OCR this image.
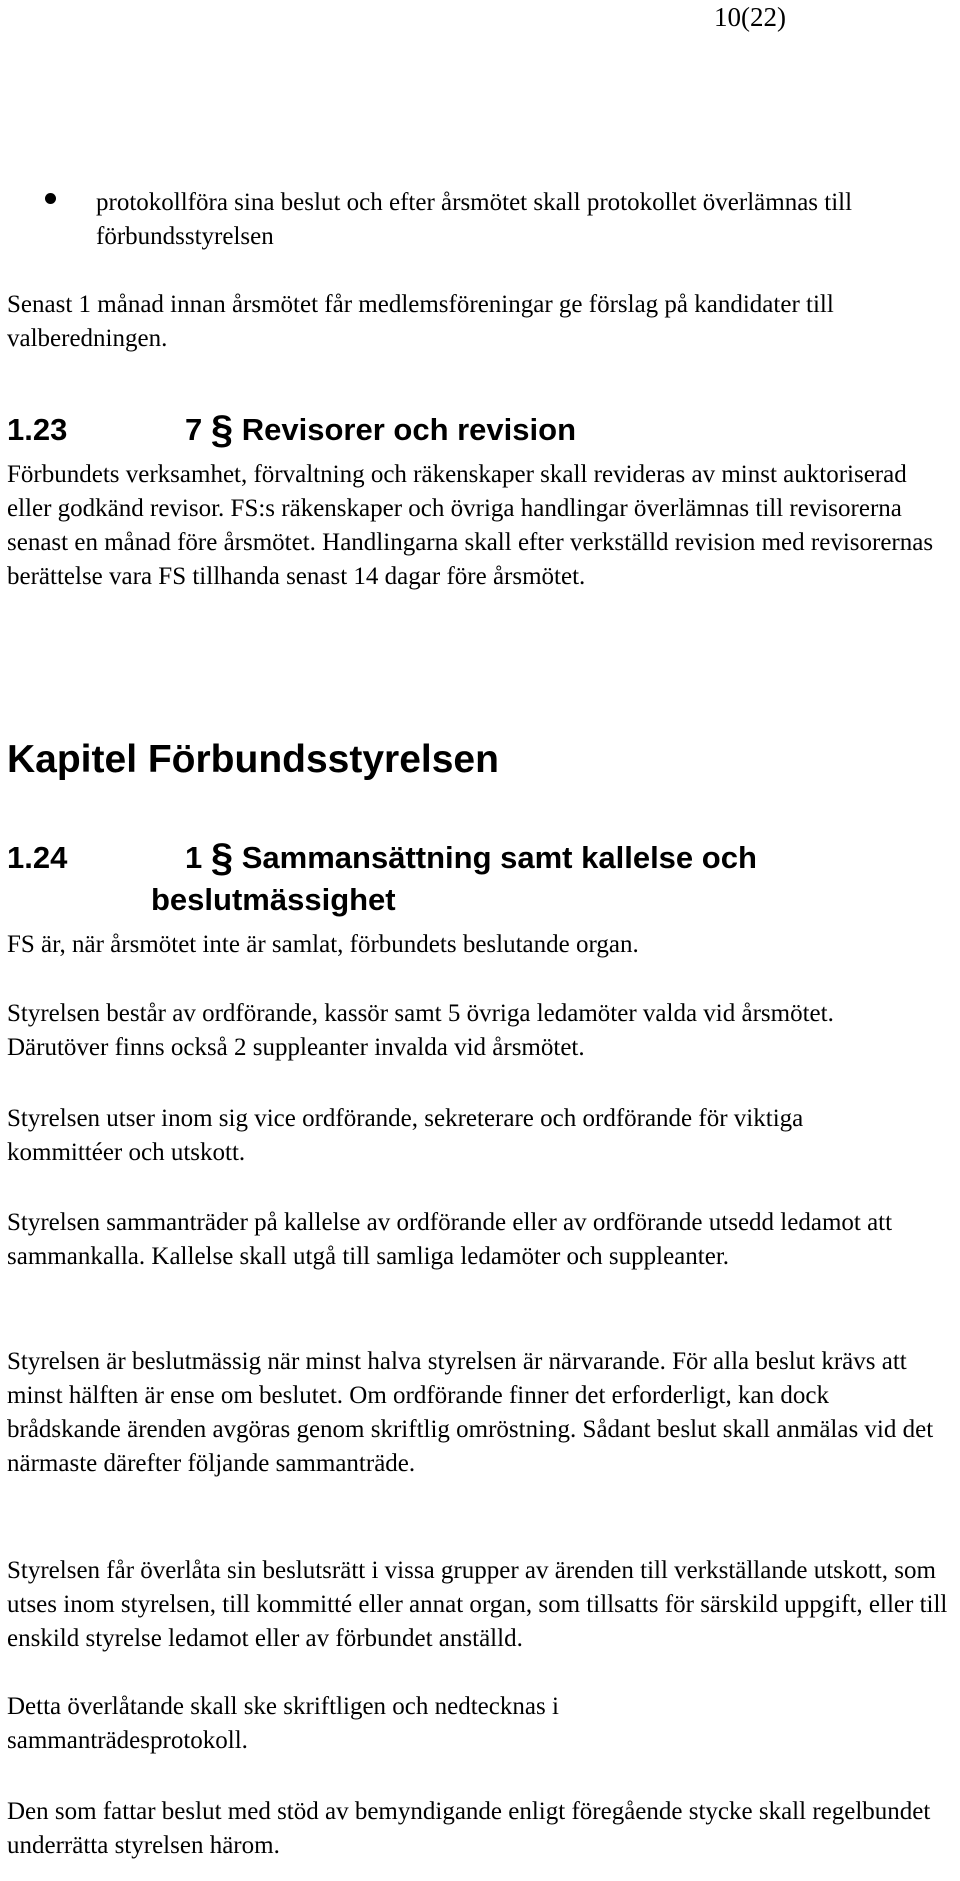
10(22)
protokollföra sina beslut och efter årsmötet skall protokollet överlämnas till förbundsstyrelsen
Senast 1 månad innan årsmötet får medlemsföreningar ge förslag på kandidater till valberedningen.
1.23	7 § Revisorer och revision
Förbundets verksamhet, förvaltning och räkenskaper skall revideras av minst auktoriserad eller godkänd revisor. FS:s räkenskaper och övriga handlingar överlämnas till revisorerna senast en månad före årsmötet. Handlingarna skall efter verkställd revision med revisorernas berättelse vara FS tillhanda senast 14 dagar före årsmötet.
Kapitel Förbundsstyrelsen
1.24	1 § Sammansättning samt kallelse och
beslutmässighet
FS är, när årsmötet inte är samlat, förbundets beslutande organ.
Styrelsen består av ordförande, kassör samt 5 övriga ledamöter valda vid årsmötet. Därutöver finns också 2 suppleanter invalda vid årsmötet.
Styrelsen utser inom sig vice ordförande, sekreterare och ordförande för viktiga kommittéer och utskott.
Styrelsen sammanträder på kallelse av ordförande eller av ordförande utsedd ledamot att sammankalla. Kallelse skall utgå till samliga ledamöter och suppleanter.
Styrelsen är beslutmässig när minst halva styrelsen är närvarande. För alla beslut krävs att minst hälften är ense om beslutet. Om ordförande finner det erforderligt, kan dock brådskande ärenden avgöras genom skriftlig omröstning. Sådant beslut skall anmälas vid det närmaste därefter följande sammanträde.
Styrelsen får överlåta sin beslutsrätt i vissa grupper av ärenden till verkställande utskott, som utses inom styrelsen, till kommitté eller annat organ, som tillsatts för särskild uppgift, eller till enskild styrelse ledamot eller av förbundet anställd.
Detta överlåtande skall ske skriftligen och nedtecknas i sammanträdesprotokoll.
Den som fattar beslut med stöd av bemyndigande enligt föregående stycke skall regelbundet underrätta styrelsen härom.
